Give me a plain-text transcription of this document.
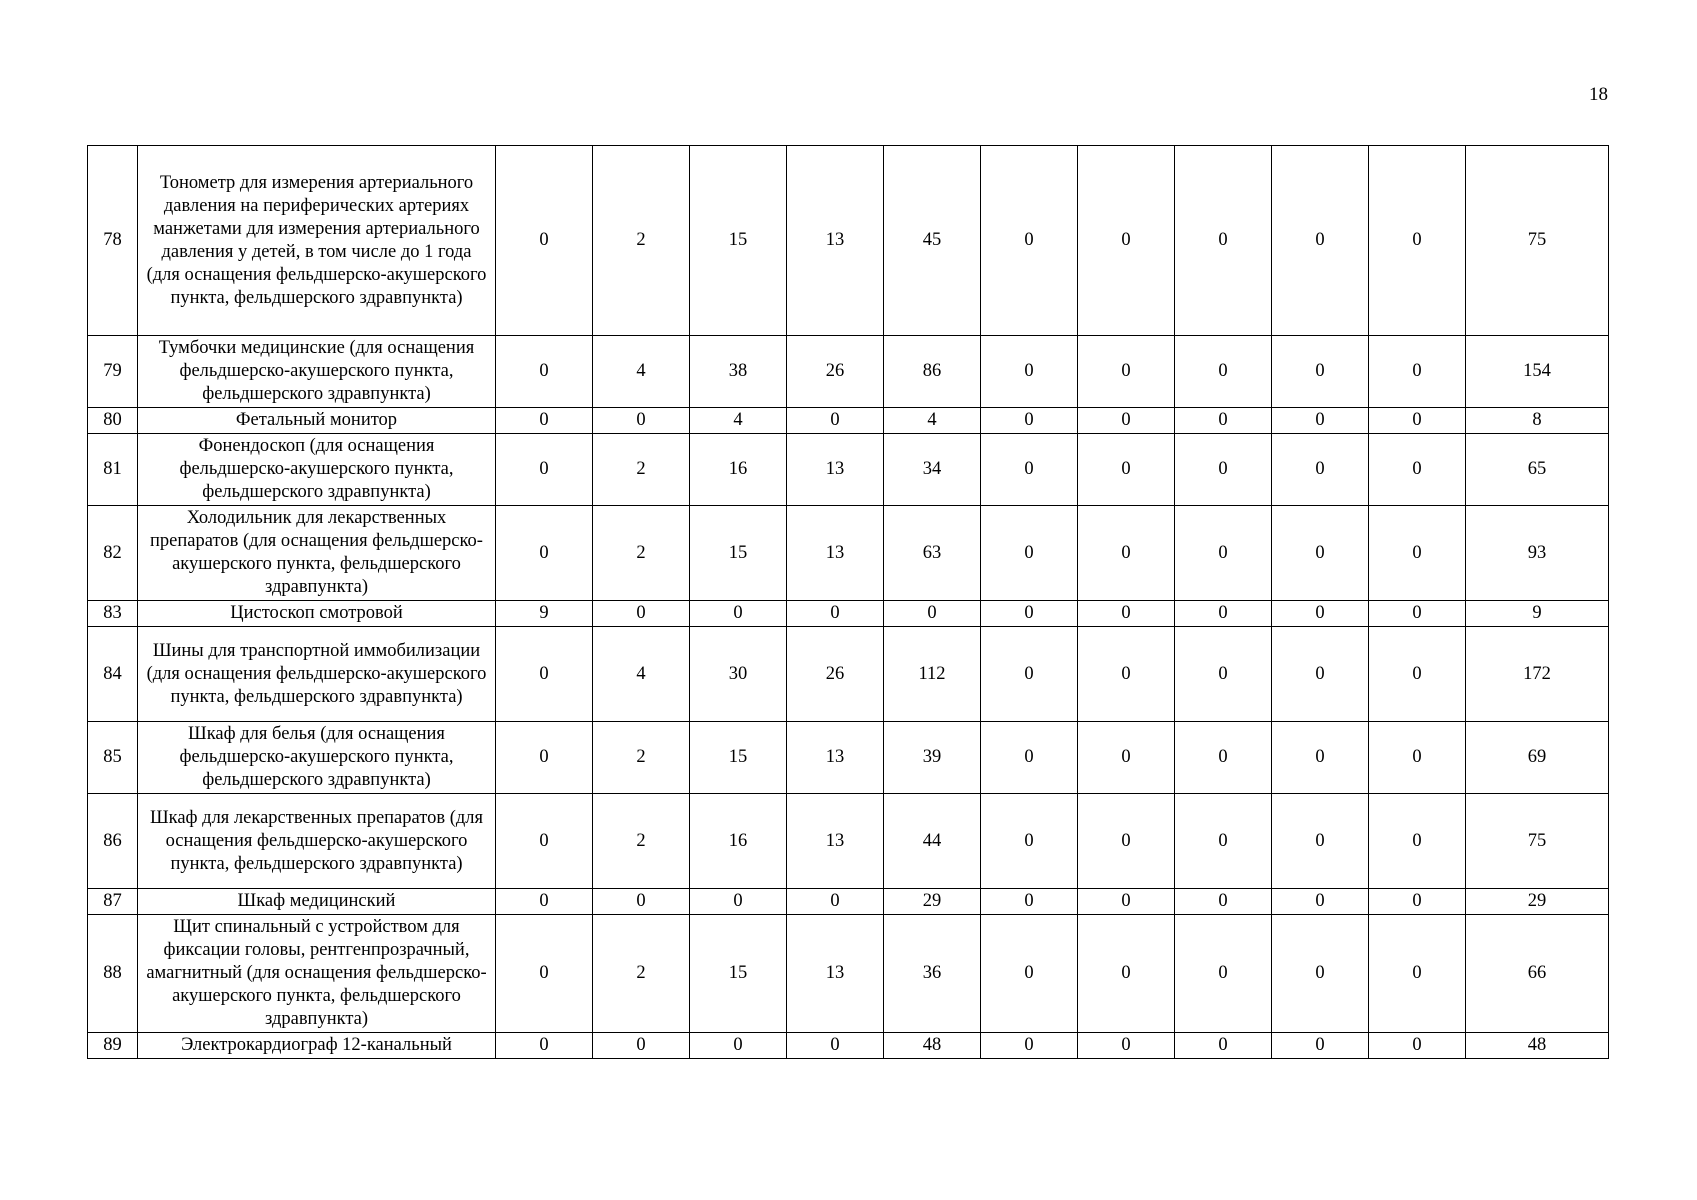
18
78	Тонометр для измерения артериального давления на периферических артериях манжетами для измерения артериального давления у детей, в том числе до 1 года (для оснащения фельдшерско-акушерского пункта, фельдшерского здравпункта)	0	2	15	13	45	0	0	0	0	0	75
79	Тумбочки медицинские (для оснащения фельдшерско-акушерского пункта, фельдшерского здравпункта)	0	4	38	26	86	0	0	0	0	0	154
80	Фетальный монитор	0	0	4	0	4	0	0	0	0	0	8
81	Фонендоскоп (для оснащения фельдшерско-акушерского пункта, фельдшерского здравпункта)	0	2	16	13	34	0	0	0	0	0	65
82	Холодильник для лекарственных препаратов (для оснащения фельдшерско-акушерского пункта, фельдшерского здравпункта)	0	2	15	13	63	0	0	0	0	0	93
83	Цистоскоп смотровой	9	0	0	0	0	0	0	0	0	0	9
84	Шины для транспортной иммобилизации (для оснащения фельдшерско-акушерского пункта, фельдшерского здравпункта)	0	4	30	26	112	0	0	0	0	0	172
85	Шкаф для белья (для оснащения фельдшерско-акушерского пункта, фельдшерского здравпункта)	0	2	15	13	39	0	0	0	0	0	69
86	Шкаф для лекарственных препаратов (для оснащения фельдшерско-акушерского пункта, фельдшерского здравпункта)	0	2	16	13	44	0	0	0	0	0	75
87	Шкаф медицинский	0	0	0	0	29	0	0	0	0	0	29
88	Щит спинальный с устройством для фиксации головы, рентгенпрозрачный, амагнитный (для оснащения фельдшерско-акушерского пункта, фельдшерского здравпункта)	0	2	15	13	36	0	0	0	0	0	66
89	Электрокардиограф 12-канальный	0	0	0	0	48	0	0	0	0	0	48
